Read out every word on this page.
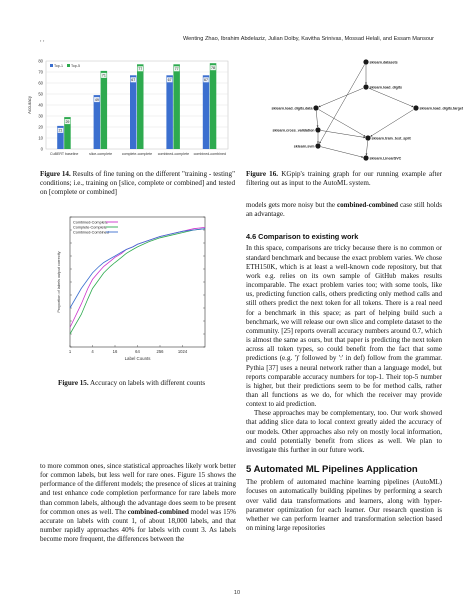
, ,	Wenting Zhao, Ibrahim Abdelaziz, Julian Dolby, Kavitha Srinivas, Mossad Helali, and Essam Mansour
0
10
20
30
40
50
60
70
80
Accuracy
21
29
CuBERT baseline
49
71
slice-complete
67
77
complete-complete
67
77
combined-complete
67
78
combined-combined
Top-1 Top-5
sklearn.datasets
sklearn.load_digits
sklearn.load_digits.data	sklearn.load_digits.target
sklearn.cross_validation
sklearn.train_test_split
sklearn.svm
sklearn.LinearSVC
Figure 14. Results of fine tuning on the different "training - testing" conditions; i.e., training on [slice, complete or combined] and tested on [complete or combined]
Figure 16. KGpip's training graph for our running example after filtering out as input to the AutoML system.
1	4	16	64	256	1024
Label Counts
Proportion of labels output correctly
Combined-Complete
Complete-Complete
Combined-Combined
Figure 15. Accuracy on labels with different counts

to more common ones, since statistical approaches likely work better for common labels, but less well for rare ones. Figure 15 shows the performance of the different models; the presence of slices at training and test enhance code completion performance for rare labels more than common labels, although the advantage does seem to be present for common ones as well. The combined-combined model was 15% accurate on labels with count 1, of about 18,000 labels, and that number rapidly approaches 40% for labels with count 3. As labels become more frequent, the differences between the

models gets more noisy but the combined-combined case still holds an advantage.

4.6 Comparison to existing work

In this space, comparisons are tricky because there is no common or standard benchmark and because the exact problem varies. We chose ETH150K, which is at least a well-known code repository, but that work e.g. relies on its own sample of GitHub makes results incomparable. The exact problem varies too; with some tools, like us, predicting function calls, others predicting only method calls and still others predict the next token for all tokens. There is a real need for a benchmark in this space; as part of helping build such a benchmark, we will release our own slice and complete dataset to the community. [25] reports overall accuracy numbers around 0.7, which is almost the same as ours, but that paper is predicting the next token across all token types, so could benefit from the fact that some predictions (e.g. ')' followed by ':' in def) follow from the grammar. Pythia [37] uses a neural network rather than a language model, but reports comparable accuracy numbers for top-1. Their top-5 number is higher, but their predictions seem to be for method calls, rather than all functions as we do, for which the receiver may provide context to aid prediction.

These approaches may be complementary, too. Our work showed that adding slice data to local context greatly aided the accuracy of our models. Other approaches also rely on mostly local information, and could potentially benefit from slices as well. We plan to investigate this further in our future work.

5 Automated ML Pipelines Application

The problem of automated machine learning pipelines (AutoML) focuses on automatically building pipelines by performing a search over valid data transformations and learners, along with hyper-parameter optimization for each learner. Our research question is whether we can perform learner and transformation selection based on mining large repositories

10
